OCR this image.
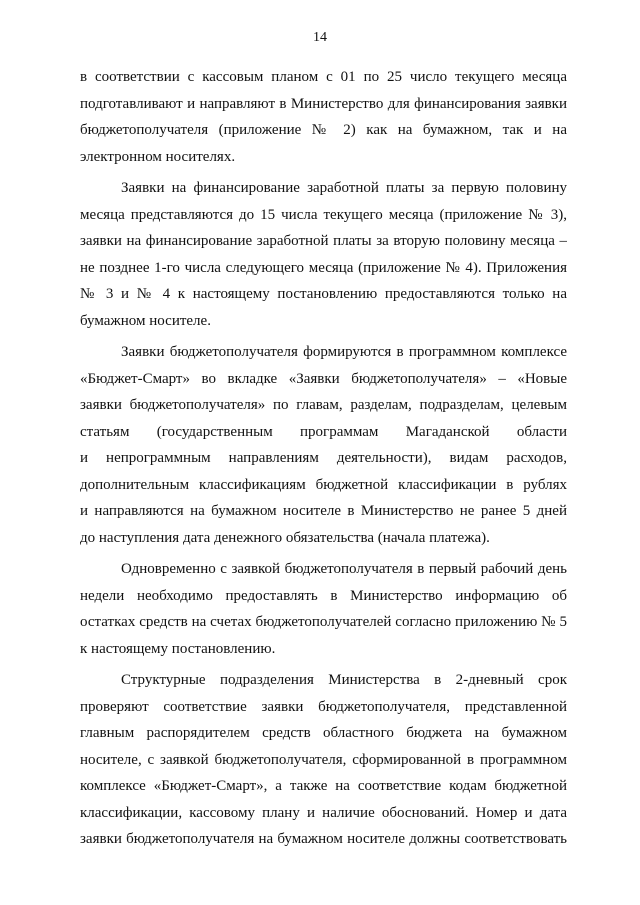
14

в соответствии с кассовым планом с 01 по 25 число текущего месяца
подготавливают и направляют в Министерство для финансирования заявки
бюджетополучателя (приложение № 2) как на бумажном, так и на
электронном носителях.

Заявки на финансирование заработной платы за первую половину
месяца представляются до 15 числа текущего месяца (приложение № 3),
заявки на финансирование заработной платы за вторую половину месяца –
не позднее 1-го числа следующего месяца (приложение № 4). Приложения
№ 3 и № 4 к настоящему постановлению предоставляются только на
бумажном носителе.

Заявки бюджетополучателя формируются в программном комплексе
«Бюджет-Смарт» во вкладке «Заявки бюджетополучателя» – «Новые
заявки бюджетополучателя» по главам, разделам, подразделам, целевым
статьям (государственным программам Магаданской области
и непрограммным направлениям деятельности), видам расходов,
дополнительным классификациям бюджетной классификации в рублях
и направляются на бумажном носителе в Министерство не ранее 5 дней
до наступления дата денежного обязательства (начала платежа).

Одновременно с заявкой бюджетополучателя в первый рабочий день
недели необходимо предоставлять в Министерство информацию об
остатках средств на счетах бюджетополучателей согласно приложению № 5
к настоящему постановлению.

Структурные подразделения Министерства в 2-дневный срок
проверяют соответствие заявки бюджетополучателя, представленной
главным распорядителем средств областного бюджета на бумажном
носителе, с заявкой бюджетополучателя, сформированной в программном
комплексе «Бюджет-Смарт», а также на соответствие кодам бюджетной
классификации, кассовому плану и наличие обоснований. Номер и дата
заявки бюджетополучателя на бумажном носителе должны соответствовать
